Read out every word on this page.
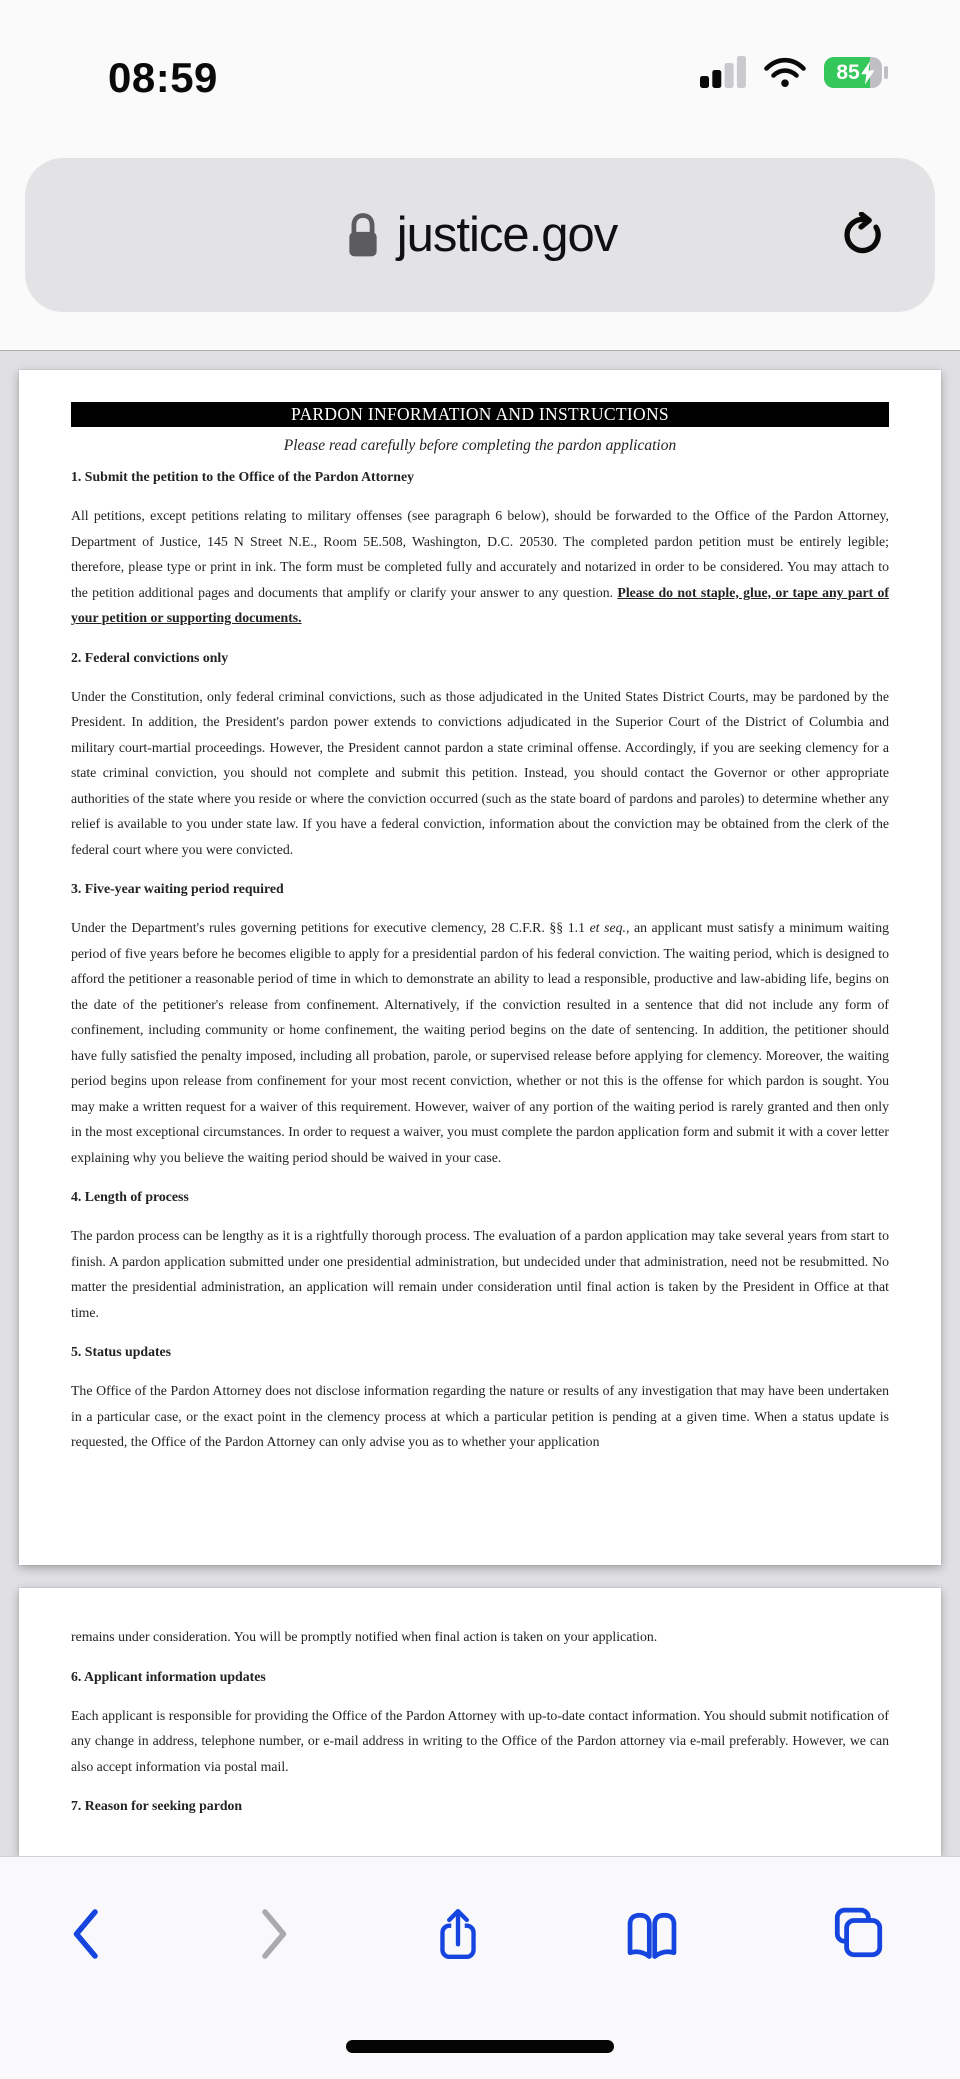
08:59	85
justice.gov
PARDON INFORMATION AND INSTRUCTIONS
Please read carefully before completing the pardon application
1. Submit the petition to the Office of the Pardon Attorney
All petitions, except petitions relating to military offenses (see paragraph 6 below), should be forwarded to the Office of the Pardon Attorney, Department of Justice, 145 N Street N.E., Room 5E.508, Washington, D.C. 20530. The completed pardon petition must be entirely legible; therefore, please type or print in ink. The form must be completed fully and accurately and notarized in order to be considered. You may attach to the petition additional pages and documents that amplify or clarify your answer to any question. Please do not staple, glue, or tape any part of your petition or supporting documents.
2. Federal convictions only
Under the Constitution, only federal criminal convictions, such as those adjudicated in the United States District Courts, may be pardoned by the President. In addition, the President's pardon power extends to convictions adjudicated in the Superior Court of the District of Columbia and military court-martial proceedings. However, the President cannot pardon a state criminal offense. Accordingly, if you are seeking clemency for a state criminal conviction, you should not complete and submit this petition. Instead, you should contact the Governor or other appropriate authorities of the state where you reside or where the conviction occurred (such as the state board of pardons and paroles) to determine whether any relief is available to you under state law. If you have a federal conviction, information about the conviction may be obtained from the clerk of the federal court where you were convicted.
3. Five-year waiting period required
Under the Department's rules governing petitions for executive clemency, 28 C.F.R. §§ 1.1 et seq., an applicant must satisfy a minimum waiting period of five years before he becomes eligible to apply for a presidential pardon of his federal conviction. The waiting period, which is designed to afford the petitioner a reasonable period of time in which to demonstrate an ability to lead a responsible, productive and law-abiding life, begins on the date of the petitioner's release from confinement. Alternatively, if the conviction resulted in a sentence that did not include any form of confinement, including community or home confinement, the waiting period begins on the date of sentencing. In addition, the petitioner should have fully satisfied the penalty imposed, including all probation, parole, or supervised release before applying for clemency. Moreover, the waiting period begins upon release from confinement for your most recent conviction, whether or not this is the offense for which pardon is sought. You may make a written request for a waiver of this requirement. However, waiver of any portion of the waiting period is rarely granted and then only in the most exceptional circumstances. In order to request a waiver, you must complete the pardon application form and submit it with a cover letter explaining why you believe the waiting period should be waived in your case.
4. Length of process
The pardon process can be lengthy as it is a rightfully thorough process. The evaluation of a pardon application may take several years from start to finish. A pardon application submitted under one presidential administration, but undecided under that administration, need not be resubmitted. No matter the presidential administration, an application will remain under consideration until final action is taken by the President in Office at that time.
5. Status updates
The Office of the Pardon Attorney does not disclose information regarding the nature or results of any investigation that may have been undertaken in a particular case, or the exact point in the clemency process at which a particular petition is pending at a given time. When a status update is requested, the Office of the Pardon Attorney can only advise you as to whether your application
remains under consideration. You will be promptly notified when final action is taken on your application.
6. Applicant information updates
Each applicant is responsible for providing the Office of the Pardon Attorney with up-to-date contact information. You should submit notification of any change in address, telephone number, or e-mail address in writing to the Office of the Pardon attorney via e-mail preferably. However, we can also accept information via postal mail.
7. Reason for seeking pardon
